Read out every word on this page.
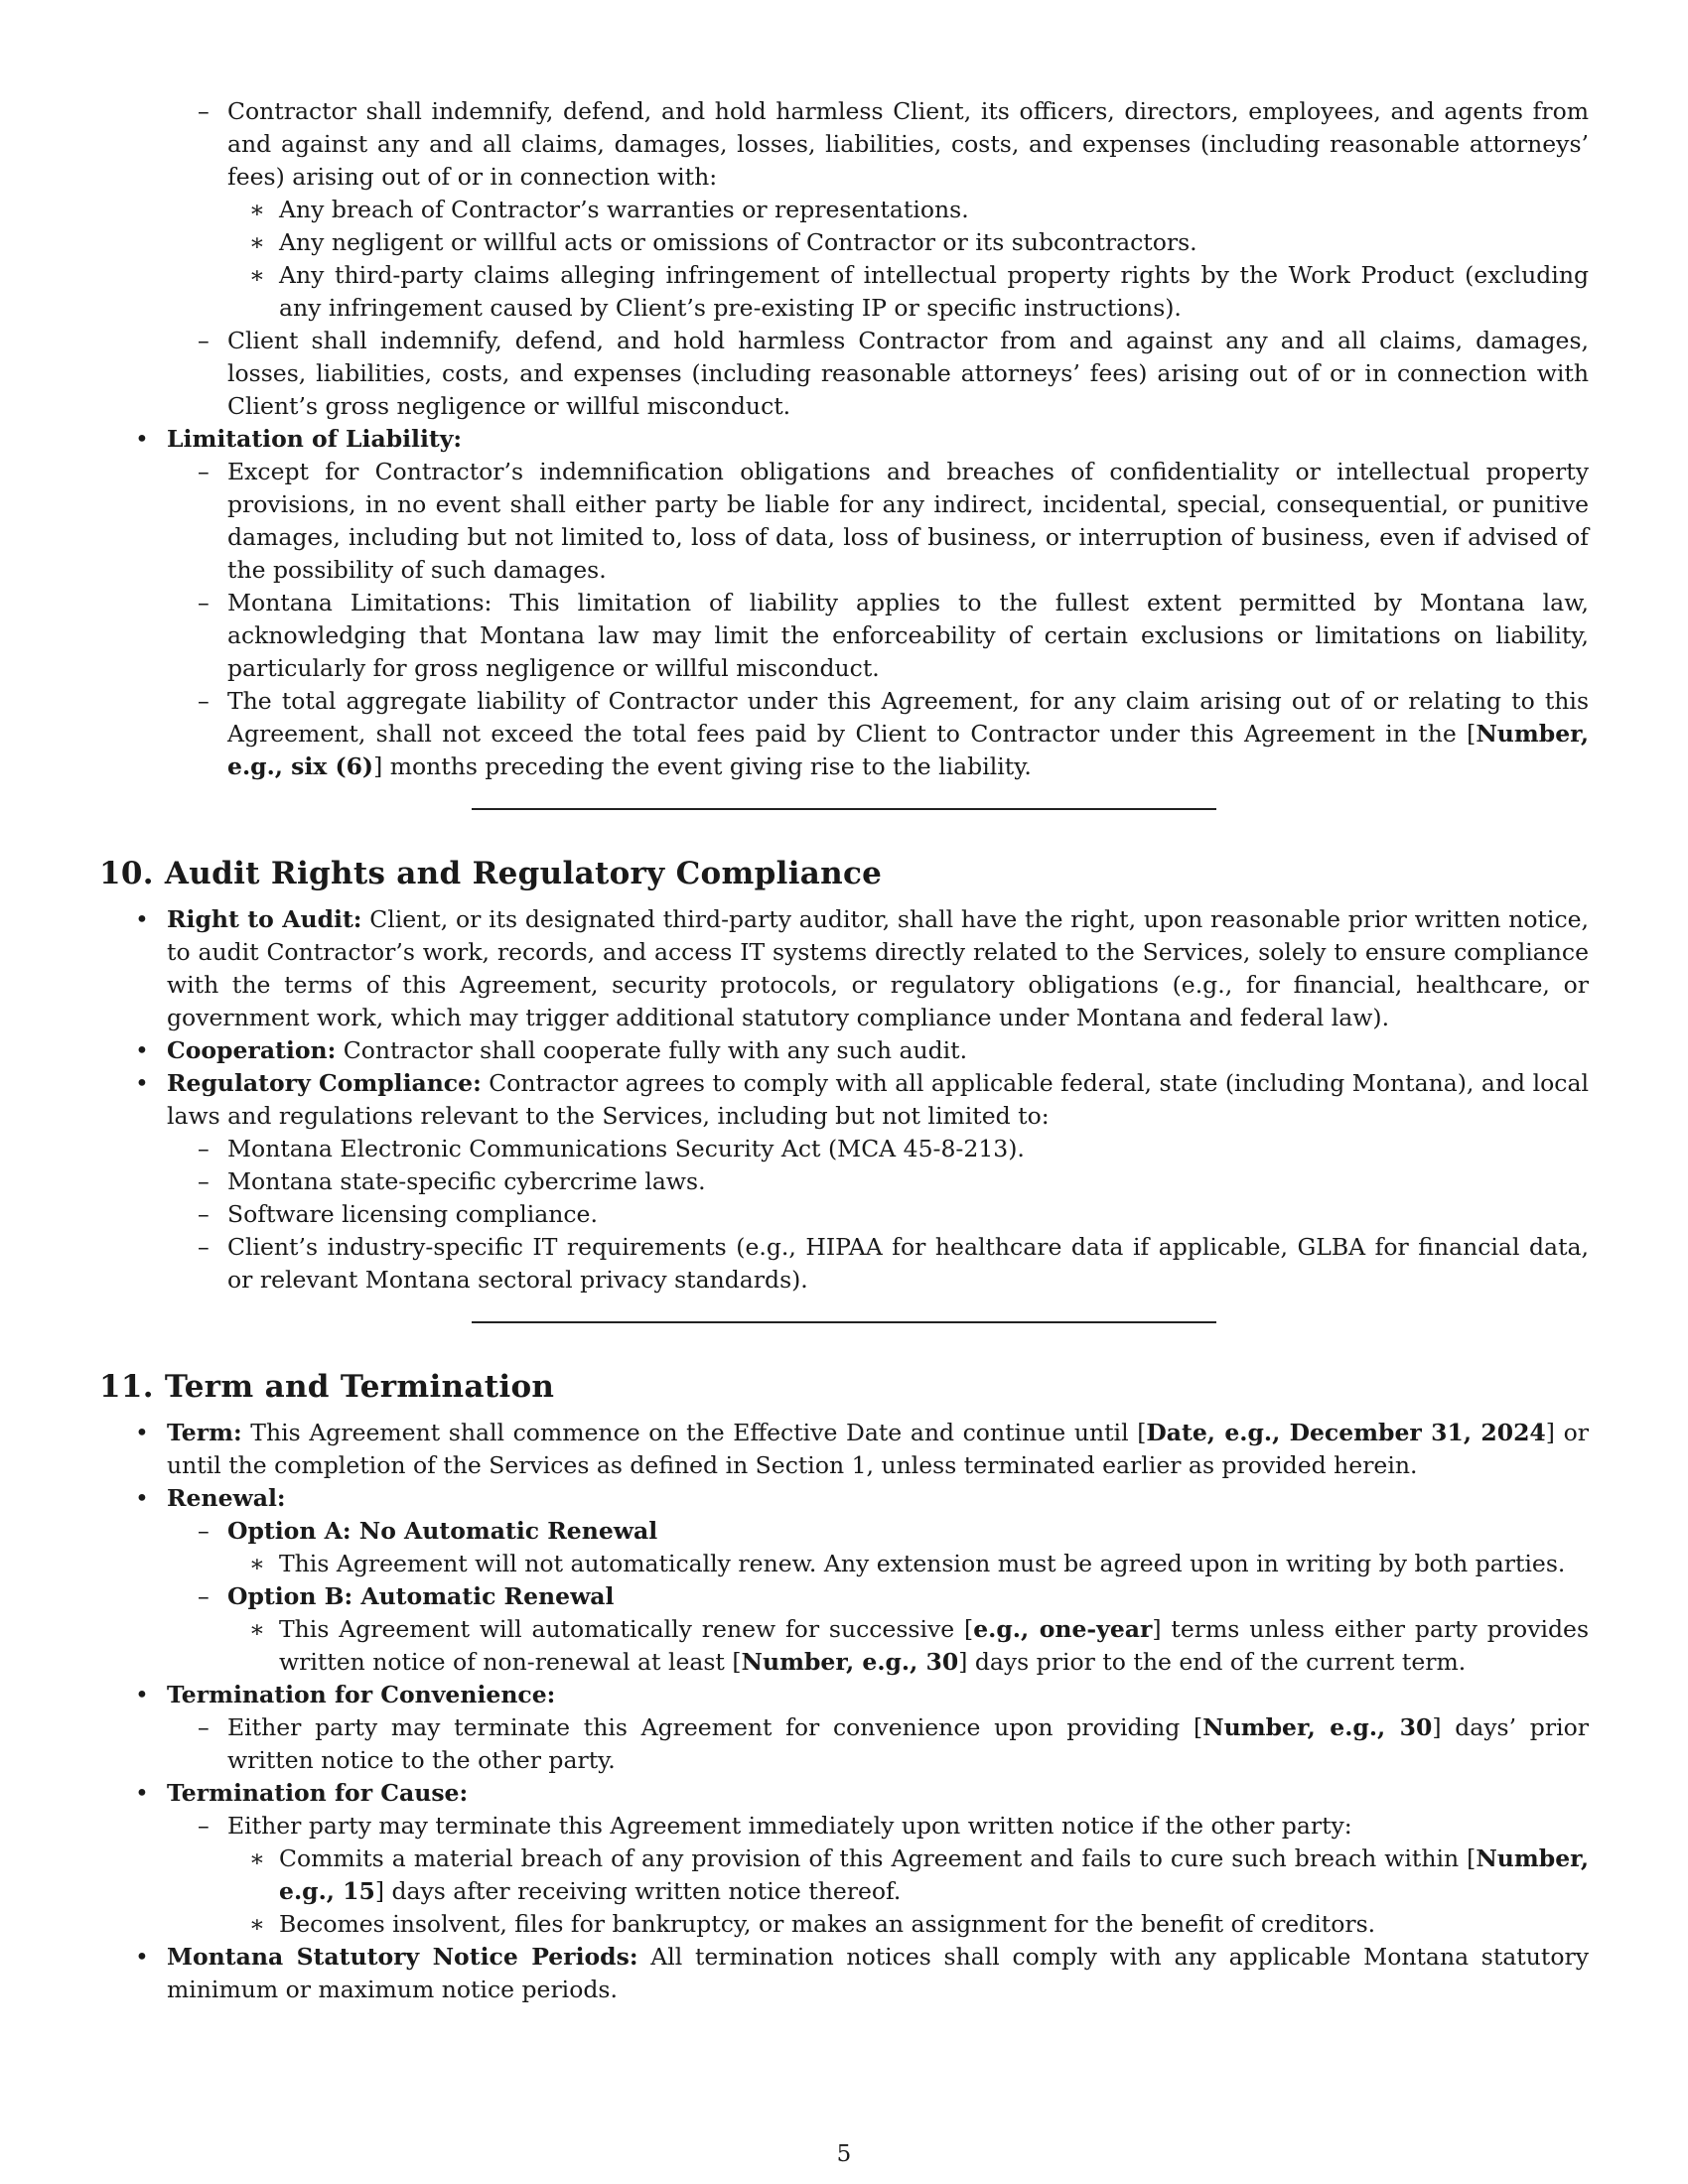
– Contractor shall indemnify, defend, and hold harmless Client, its officers, directors, employees, and agents from and against any and all claims, damages, losses, liabilities, costs, and expenses (including reasonable attorneys’ fees) arising out of or in connection with:

∗ Any breach of Contractor’s warranties or representations.

∗ Any negligent or willful acts or omissions of Contractor or its subcontractors.

∗ Any third-party claims alleging infringement of intellectual property rights by the Work Product (excluding any infringement caused by Client’s pre-existing IP or specific instructions).

– Client shall indemnify, defend, and hold harmless Contractor from and against any and all claims, damages, losses, liabilities, costs, and expenses (including reasonable attorneys’ fees) arising out of or in connection with Client’s gross negligence or willful misconduct.

• Limitation of Liability:

– Except for Contractor’s indemnification obligations and breaches of confidentiality or intellectual property provisions, in no event shall either party be liable for any indirect, incidental, special, consequential, or punitive damages, including but not limited to, loss of data, loss of business, or interruption of business, even if advised of the possibility of such damages.

– Montana Limitations: This limitation of liability applies to the fullest extent permitted by Montana law, acknowledging that Montana law may limit the enforceability of certain exclusions or limitations on liability, particularly for gross negligence or willful misconduct.

– The total aggregate liability of Contractor under this Agreement, for any claim arising out of or relating to this Agreement, shall not exceed the total fees paid by Client to Contractor under this Agreement in the [Number, e.g., six (6)] months preceding the event giving rise to the liability.

10. Audit Rights and Regulatory Compliance

• Right to Audit: Client, or its designated third-party auditor, shall have the right, upon reasonable prior written notice, to audit Contractor’s work, records, and access IT systems directly related to the Services, solely to ensure compliance with the terms of this Agreement, security protocols, or regulatory obligations (e.g., for financial, healthcare, or government work, which may trigger additional statutory compliance under Montana and federal law).

• Cooperation: Contractor shall cooperate fully with any such audit.

• Regulatory Compliance: Contractor agrees to comply with all applicable federal, state (including Montana), and local laws and regulations relevant to the Services, including but not limited to:

– Montana Electronic Communications Security Act (MCA 45-8-213).

– Montana state-specific cybercrime laws.

– Software licensing compliance.

– Client’s industry-specific IT requirements (e.g., HIPAA for healthcare data if applicable, GLBA for financial data, or relevant Montana sectoral privacy standards).

11. Term and Termination

• Term: This Agreement shall commence on the Effective Date and continue until [Date, e.g., December 31, 2024] or until the completion of the Services as defined in Section 1, unless terminated earlier as provided herein.

• Renewal:

– Option A: No Automatic Renewal

∗ This Agreement will not automatically renew. Any extension must be agreed upon in writing by both parties.

– Option B: Automatic Renewal

∗ This Agreement will automatically renew for successive [e.g., one-year] terms unless either party provides written notice of non-renewal at least [Number, e.g., 30] days prior to the end of the current term.

• Termination for Convenience:

– Either party may terminate this Agreement for convenience upon providing [Number, e.g., 30] days’ prior written notice to the other party.

• Termination for Cause:

– Either party may terminate this Agreement immediately upon written notice if the other party:

∗ Commits a material breach of any provision of this Agreement and fails to cure such breach within [Number, e.g., 15] days after receiving written notice thereof.

∗ Becomes insolvent, files for bankruptcy, or makes an assignment for the benefit of creditors.

• Montana Statutory Notice Periods: All termination notices shall comply with any applicable Montana statutory minimum or maximum notice periods.

5
